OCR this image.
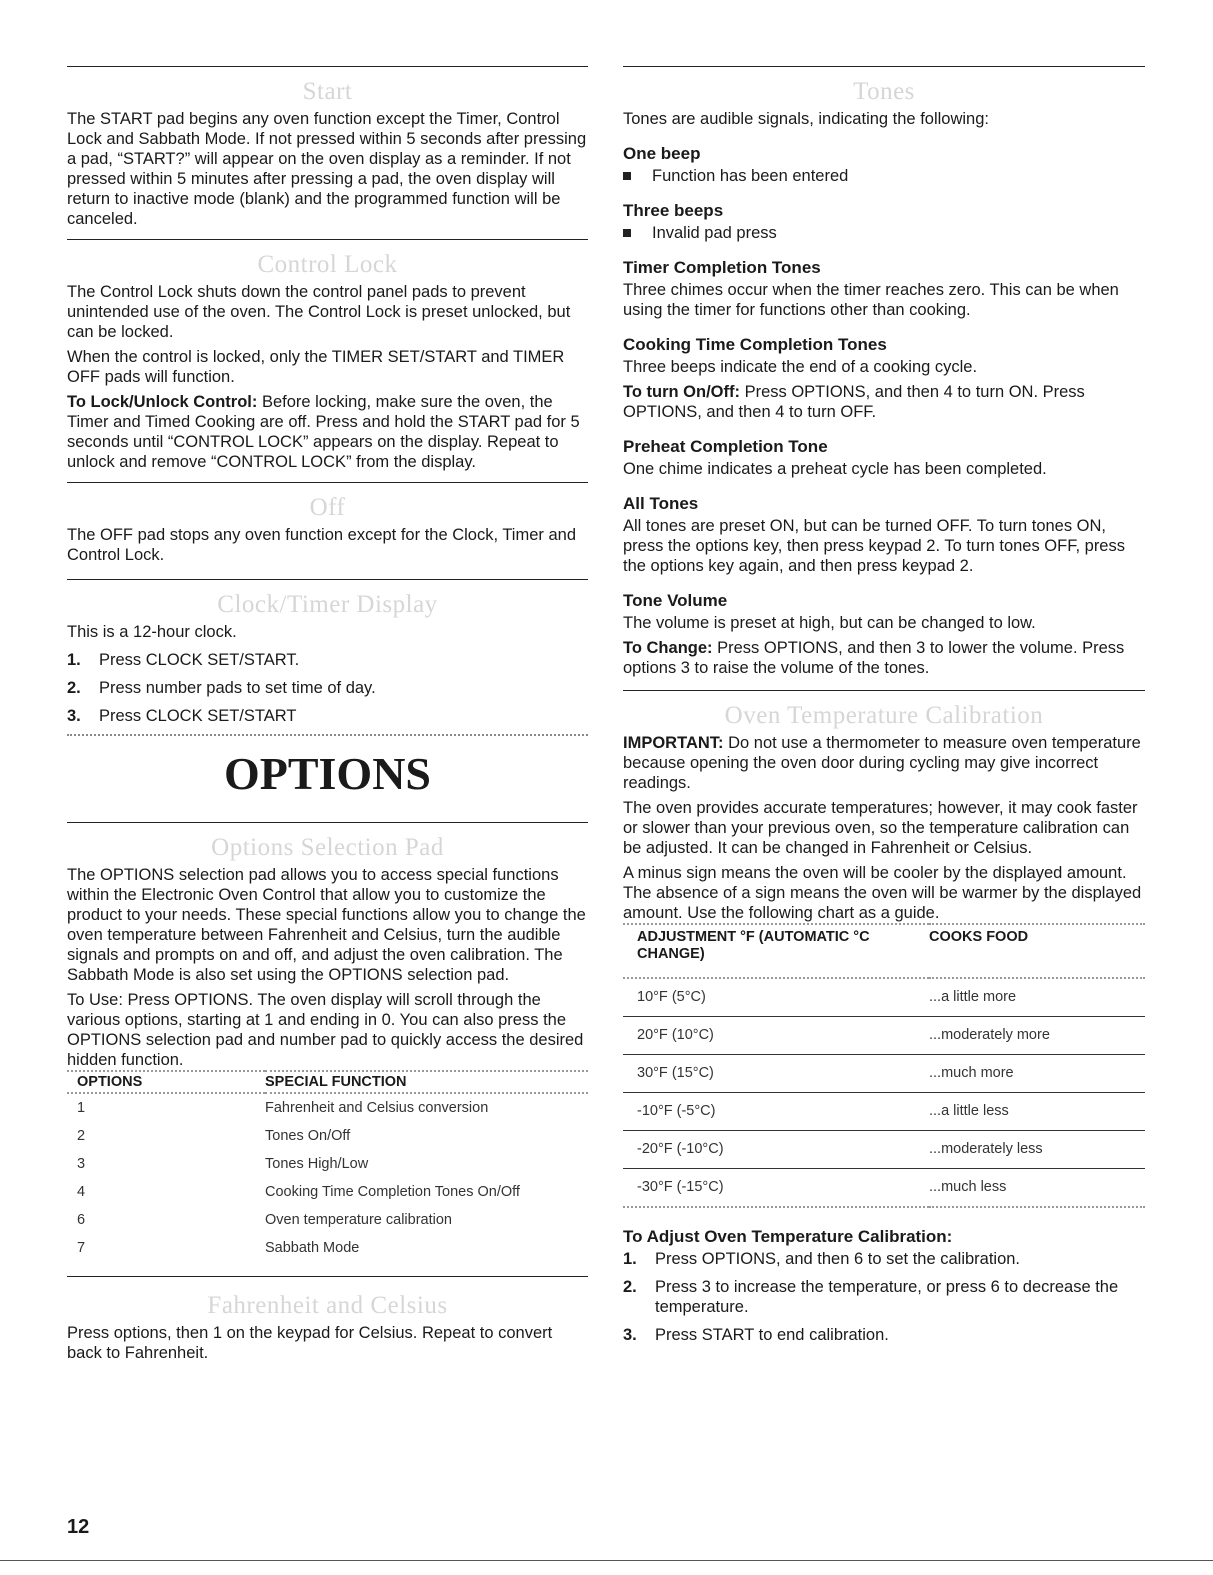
Start

The START pad begins any oven function except the Timer, Control Lock and Sabbath Mode. If not pressed within 5 seconds after pressing a pad, “START?” will appear on the oven display as a reminder. If not pressed within 5 minutes after pressing a pad, the oven display will return to inactive mode (blank) and the programmed function will be canceled.

Control Lock

The Control Lock shuts down the control panel pads to prevent unintended use of the oven. The Control Lock is preset unlocked, but can be locked.

When the control is locked, only the TIMER SET/START and TIMER OFF pads will function.

To Lock/Unlock Control: Before locking, make sure the oven, the Timer and Timed Cooking are off. Press and hold the START pad for 5 seconds until “CONTROL LOCK” appears on the display. Repeat to unlock and remove “CONTROL LOCK” from the display.

Off

The OFF pad stops any oven function except for the Clock, Timer and Control Lock.

Clock/Timer Display

This is a 12-hour clock.

1.	Press CLOCK SET/START.
2.	Press number pads to set time of day.
3.	Press CLOCK SET/START
OPTIONS
Options Selection Pad

The OPTIONS selection pad allows you to access special functions within the Electronic Oven Control that allow you to customize the product to your needs. These special functions allow you to change the oven temperature between Fahrenheit and Celsius, turn the audible signals and prompts on and off, and adjust the oven calibration. The Sabbath Mode is also set using the OPTIONS selection pad.

To Use: Press OPTIONS. The oven display will scroll through the various options, starting at 1 and ending in 0. You can also press the OPTIONS selection pad and number pad to quickly access the desired hidden function.

OPTIONS	SPECIAL FUNCTION
1	Fahrenheit and Celsius conversion
2	Tones On/Off
3	Tones High/Low
4	Cooking Time Completion Tones On/Off
6	Oven temperature calibration
7	Sabbath Mode
Fahrenheit and Celsius

Press options, then 1 on the keypad for Celsius. Repeat to convert back to Fahrenheit.

Tones

Tones are audible signals, indicating the following:

One beep
Function has been entered
Three beeps
Invalid pad press
Timer Completion Tones

Three chimes occur when the timer reaches zero. This can be when using the timer for functions other than cooking.

Cooking Time Completion Tones

Three beeps indicate the end of a cooking cycle.

To turn On/Off: Press OPTIONS, and then 4 to turn ON. Press OPTIONS, and then 4 to turn OFF.

Preheat Completion Tone

One chime indicates a preheat cycle has been completed.

All Tones

All tones are preset ON, but can be turned OFF. To turn tones ON, press the options key, then press keypad 2. To turn tones OFF, press the options key again, and then press keypad 2.

Tone Volume

The volume is preset at high, but can be changed to low.

To Change: Press OPTIONS, and then 3 to lower the volume. Press options 3 to raise the volume of the tones.

Oven Temperature Calibration

IMPORTANT: Do not use a thermometer to measure oven temperature because opening the oven door during cycling may give incorrect readings.

The oven provides accurate temperatures; however, it may cook faster or slower than your previous oven, so the temperature calibration can be adjusted. It can be changed in Fahrenheit or Celsius.

A minus sign means the oven will be cooler by the displayed amount. The absence of a sign means the oven will be warmer by the displayed amount. Use the following chart as a guide.

ADJUSTMENT °F (AUTOMATIC °C CHANGE)	COOKS FOOD
10°F (5°C)	...a little more
20°F (10°C)	...moderately more
30°F (15°C)	...much more
-10°F (-5°C)	...a little less
-20°F (-10°C)	...moderately less
-30°F (-15°C)	...much less
To Adjust Oven Temperature Calibration:
1.	Press OPTIONS, and then 6 to set the calibration.
2.	Press 3 to increase the temperature, or press 6 to decrease the temperature.
3.	Press START to end calibration.
12
